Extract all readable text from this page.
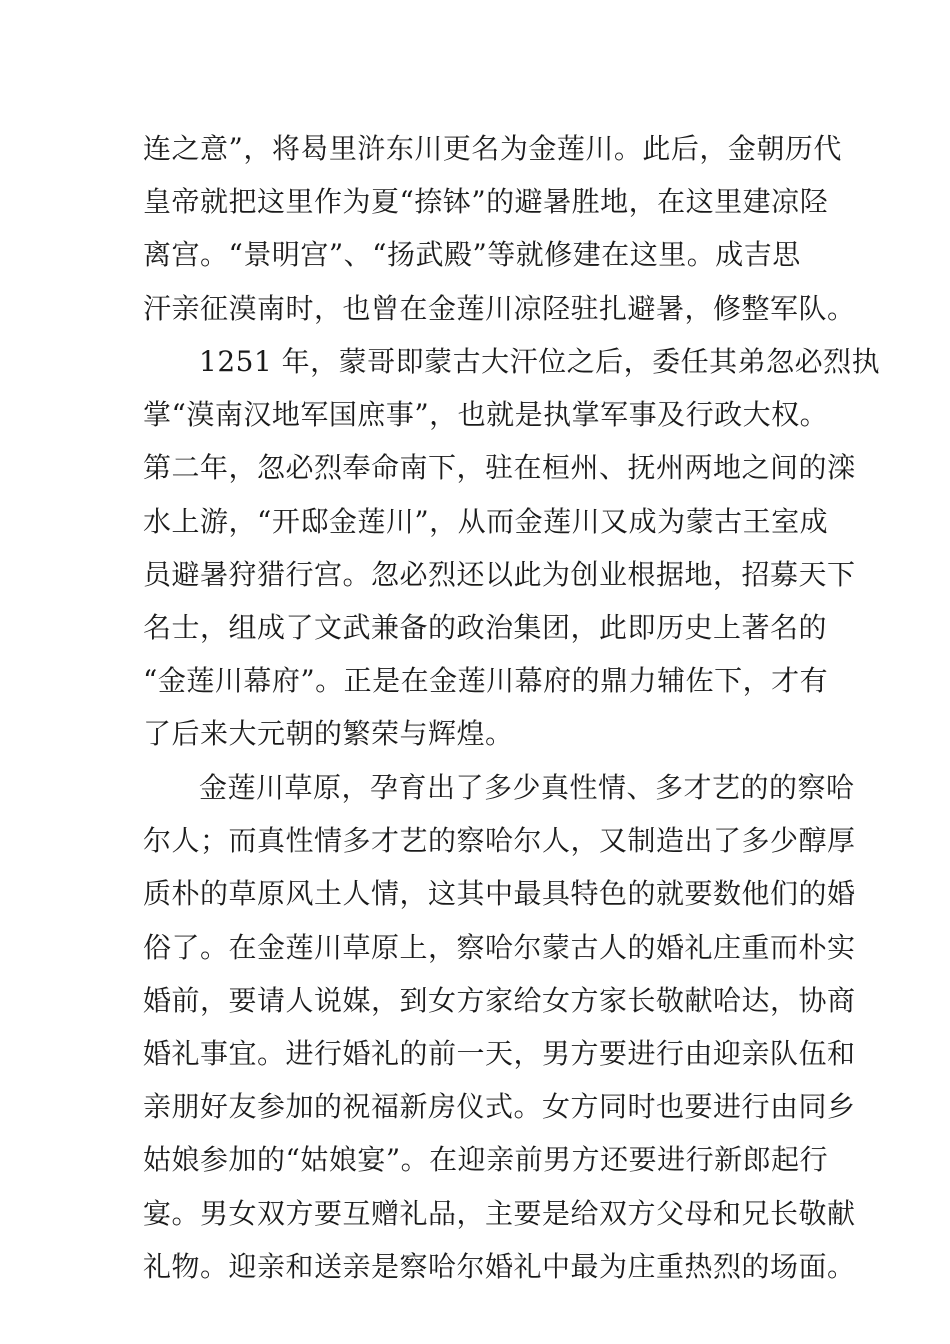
连之意”，将曷里浒东川更名为金莲川。此后，金朝历代
皇帝就把这里作为夏“捺钵”的避暑胜地，在这里建凉陉
离宫。“景明宫”、“扬武殿”等就修建在这里。成吉思
汗亲征漠南时，也曾在金莲川凉陉驻扎避暑，修整军队。
1251 年，蒙哥即蒙古大汗位之后，委任其弟忽必烈执
掌“漠南汉地军国庶事”，也就是执掌军事及行政大权。
第二年，忽必烈奉命南下，驻在桓州、抚州两地之间的滦
水上游，“开邸金莲川”，从而金莲川又成为蒙古王室成
员避暑狩猎行宫。忽必烈还以此为创业根据地，招募天下
名士，组成了文武兼备的政治集团，此即历史上著名的
“金莲川幕府”。正是在金莲川幕府的鼎力辅佐下，才有
了后来大元朝的繁荣与辉煌。
金莲川草原，孕育出了多少真性情、多才艺的的察哈
尔人；而真性情多才艺的察哈尔人，又制造出了多少醇厚
质朴的草原风土人情，这其中最具特色的就要数他们的婚
俗了。在金莲川草原上，察哈尔蒙古人的婚礼庄重而朴实
婚前，要请人说媒，到女方家给女方家长敬献哈达，协商
婚礼事宜。进行婚礼的前一天，男方要进行由迎亲队伍和
亲朋好友参加的祝福新房仪式。女方同时也要进行由同乡
姑娘参加的“姑娘宴”。在迎亲前男方还要进行新郎起行
宴。男女双方要互赠礼品，主要是给双方父母和兄长敬献
礼物。迎亲和送亲是察哈尔婚礼中最为庄重热烈的场面。
